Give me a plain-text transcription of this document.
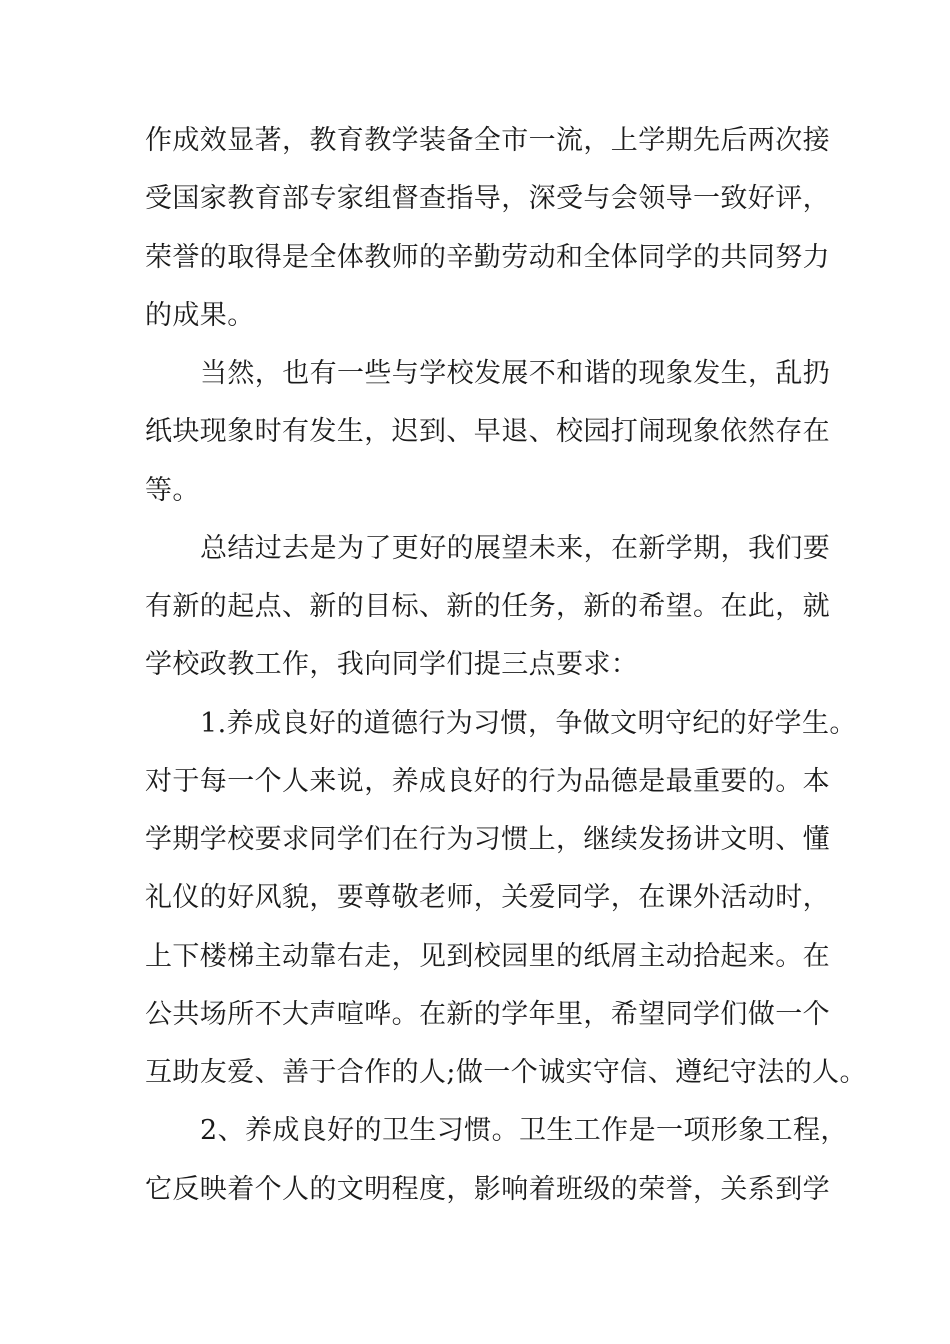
作成效显著，教育教学装备全市一流，上学期先后两次接
受国家教育部专家组督查指导，深受与会领导一致好评，
荣誉的取得是全体教师的辛勤劳动和全体同学的共同努力
的成果。
当然，也有一些与学校发展不和谐的现象发生，乱扔
纸块现象时有发生，迟到、早退、校园打闹现象依然存在
等。
总结过去是为了更好的展望未来，在新学期，我们要
有新的起点、新的目标、新的任务，新的希望。在此，就
学校政教工作，我向同学们提三点要求：
1.养成良好的道德行为习惯，争做文明守纪的好学生。
对于每一个人来说，养成良好的行为品德是最重要的。本
学期学校要求同学们在行为习惯上，继续发扬讲文明、懂
礼仪的好风貌，要尊敬老师，关爱同学，在课外活动时，
上下楼梯主动靠右走，见到校园里的纸屑主动拾起来。在
公共场所不大声喧哗。在新的学年里，希望同学们做一个
互助友爱、善于合作的人;做一个诚实守信、遵纪守法的人。
2、养成良好的卫生习惯。卫生工作是一项形象工程，
它反映着个人的文明程度，影响着班级的荣誉，关系到学
